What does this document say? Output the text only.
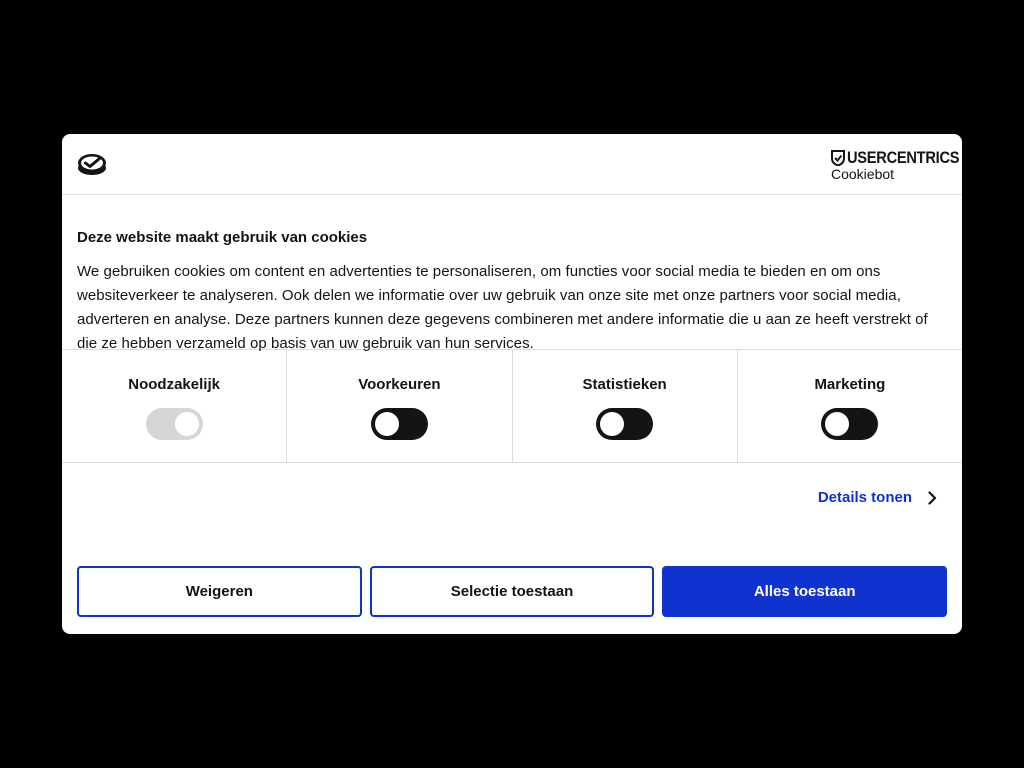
USERCENTRICS
Cookiebot
Deze website maakt gebruik van cookies

We gebruiken cookies om content en advertenties te personaliseren, om functies voor social media te bieden en om ons websiteverkeer te analyseren. Ook delen we informatie over uw gebruik van onze site met onze partners voor social media, adverteren en analyse. Deze partners kunnen deze gegevens combineren met andere informatie die u aan ze heeft verstrekt of die ze hebben verzameld op basis van uw gebruik van hun services.

Noodzakelijk	Voorkeuren	Statistieken	Marketing
Details tonen
Weigeren	Selectie toestaan	Alles toestaan
